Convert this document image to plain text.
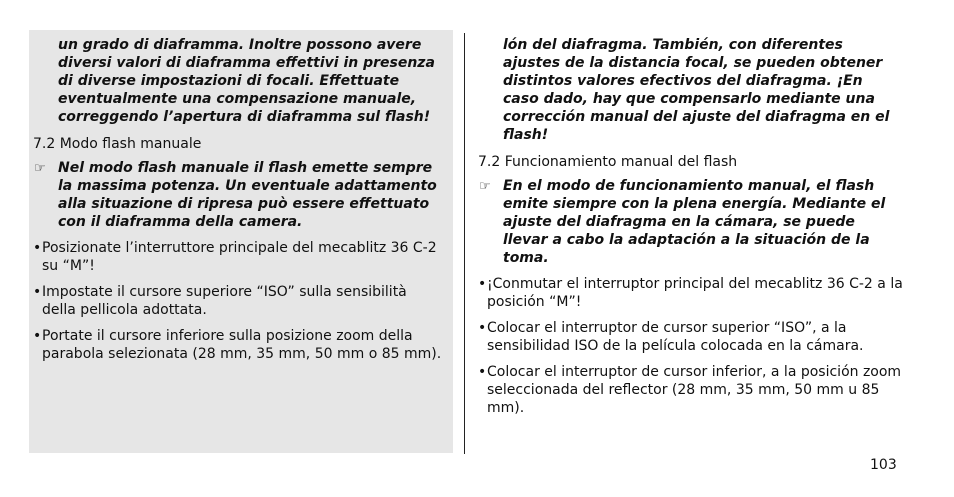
un grado di diaframma. Inoltre possono avere diversi valori di diaframma effettivi in presenza di diverse impostazioni di focali. Effettuate eventualmente una compensazione manuale, correggendo l’apertura di diaframma sul flash!

7.2 Modo flash manuale

☞ Nel modo flash manuale il flash emette sempre la massima potenza. Un eventuale adattamento alla situazione di ripresa può essere effettuato con il diaframma della camera.

• Posizionate l’interruttore principale del mecablitz 36 C-2 su “M”!

• Impostate il cursore superiore “ISO” sulla sensibilità della pellicola adottata.

• Portate il cursore inferiore sulla posizione zoom della parabola selezionata (28 mm, 35 mm, 50 mm o 85 mm).

lón del diafragma. También, con diferentes ajustes de la distancia focal, se pueden obtener distintos valores efectivos del diafragma. ¡En caso dado, hay que compensarlo mediante una corrección manual del ajuste del diafragma en el flash!

7.2 Funcionamiento manual del flash

☞ En el modo de funcionamiento manual, el flash emite siempre con la plena energía. Mediante el ajuste del diafragma en la cámara, se puede llevar a cabo la adaptación a la situación de la toma.

• ¡Conmutar el interruptor principal del mecablitz 36 C-2 a la posición “M”!

• Colocar el interruptor de cursor superior “ISO”, a la sensibilidad ISO de la película colocada en la cámara.

• Colocar el interruptor de cursor inferior, a la posición zoom seleccionada del reflector (28 mm, 35 mm, 50 mm u 85 mm).

103
